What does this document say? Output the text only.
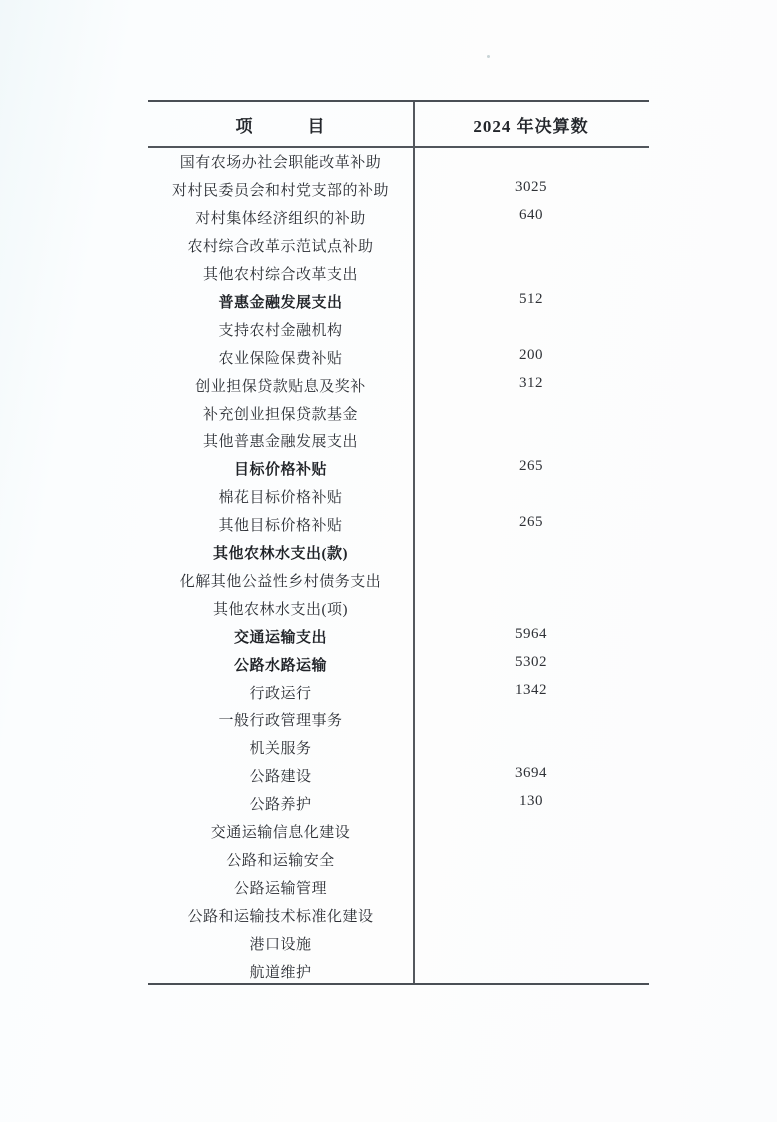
项　　　目	2024 年决算数
国有农场办社会职能改革补助
对村民委员会和村党支部的补助	3025
对村集体经济组织的补助	640
农村综合改革示范试点补助
其他农村综合改革支出
普惠金融发展支出	512
支持农村金融机构
农业保险保费补贴	200
创业担保贷款贴息及奖补	312
补充创业担保贷款基金
其他普惠金融发展支出
目标价格补贴	265
棉花目标价格补贴
其他目标价格补贴	265
其他农林水支出(款)
化解其他公益性乡村债务支出
其他农林水支出(项)
交通运输支出	5964
公路水路运输	5302
行政运行	1342
一般行政管理事务
机关服务
公路建设	3694
公路养护	130
交通运输信息化建设
公路和运输安全
公路运输管理
公路和运输技术标准化建设
港口设施
航道维护
